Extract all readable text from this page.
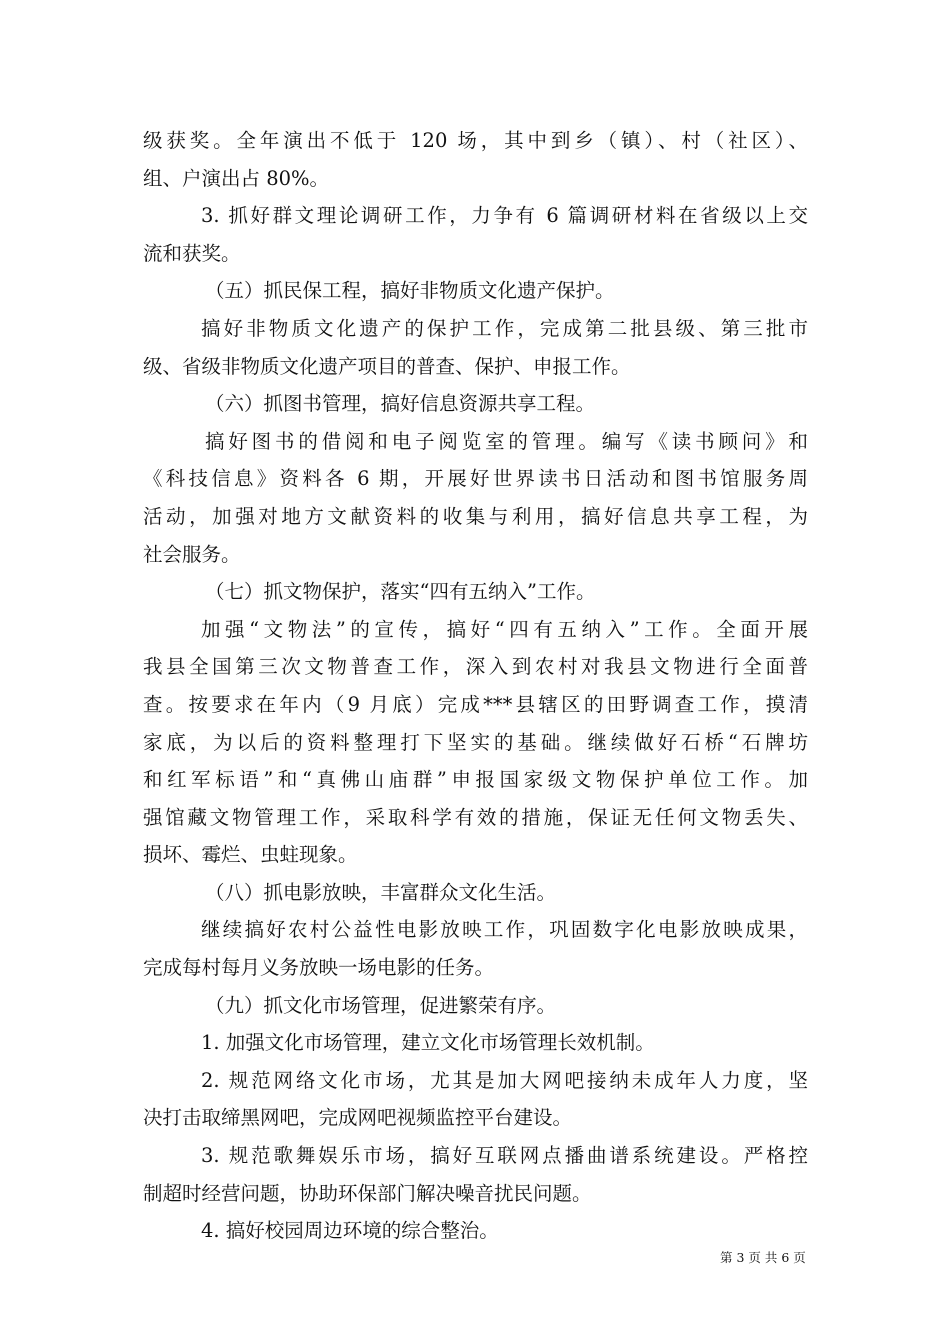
级获奖。全年演出不低于 120 场，其中到乡（镇）、村（社区）、
组、户演出占 80%。
3. 抓好群文理论调研工作，力争有 6 篇调研材料在省级以上交
流和获奖。
（五）抓民保工程，搞好非物质文化遗产保护。
搞好非物质文化遗产的保护工作，完成第二批县级、第三批市
级、省级非物质文化遗产项目的普查、保护、申报工作。
（六）抓图书管理，搞好信息资源共享工程。
搞好图书的借阅和电子阅览室的管理。编写《读书顾问》和
《科技信息》资料各 6 期，开展好世界读书日活动和图书馆服务周
活动，加强对地方文献资料的收集与利用，搞好信息共享工程，为
社会服务。
（七）抓文物保护，落实“四有五纳入”工作。
加强“文物法”的宣传，搞好“四有五纳入”工作。全面开展
我县全国第三次文物普查工作，深入到农村对我县文物进行全面普
查。按要求在年内（9 月底）完成***县辖区的田野调查工作，摸清
家底，为以后的资料整理打下坚实的基础。继续做好石桥“石牌坊
和红军标语”和“真佛山庙群”申报国家级文物保护单位工作。加
强馆藏文物管理工作，采取科学有效的措施，保证无任何文物丢失、
损坏、霉烂、虫蛀现象。
（八）抓电影放映，丰富群众文化生活。
继续搞好农村公益性电影放映工作，巩固数字化电影放映成果，
完成每村每月义务放映一场电影的任务。
（九）抓文化市场管理，促进繁荣有序。
1. 加强文化市场管理，建立文化市场管理长效机制。
2. 规范网络文化市场，尤其是加大网吧接纳未成年人力度，坚
决打击取缔黑网吧，完成网吧视频监控平台建设。
3. 规范歌舞娱乐市场，搞好互联网点播曲谱系统建设。严格控
制超时经营问题，协助环保部门解决噪音扰民问题。
4. 搞好校园周边环境的综合整治。
第 3 页 共 6 页
